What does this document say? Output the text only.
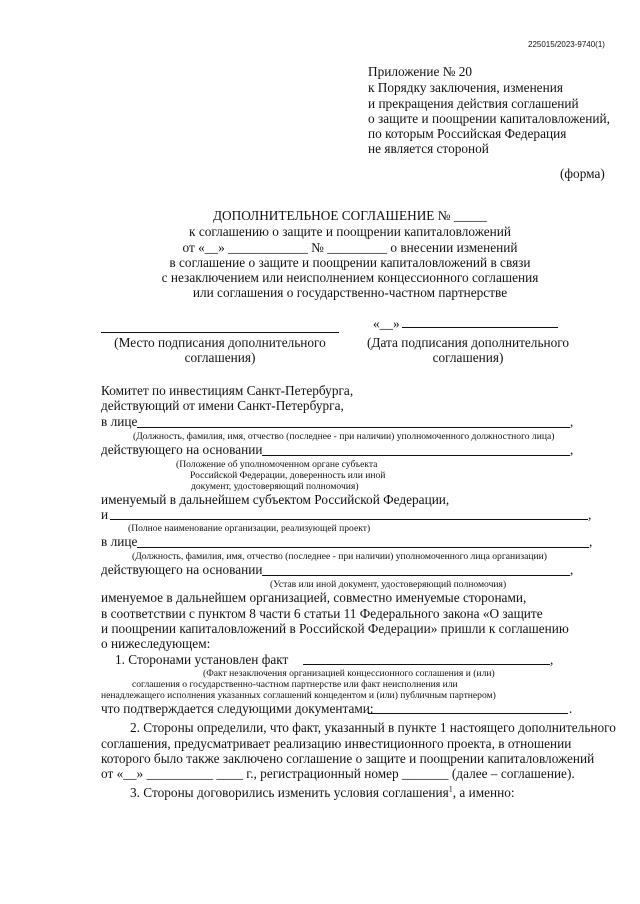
225015/2023-9740(1)
Приложение № 20
к Порядку заключения, изменения
и прекращения действия соглашений
о защите и поощрении капиталовложений,
по которым Российская Федерация
не является стороной
(форма)
ДОПОЛНИТЕЛЬНОЕ СОГЛАШЕНИЕ № _____
к соглашению о защите и поощрении капиталовложений
от «__» ____________ № _________ о внесении изменений
в соглашение о защите и поощрении капиталовложений в связи
с незаключением или неисполнением концессионного соглашения
или соглашения о государственно-частном партнерстве
«__»
(Место подписания дополнительного
соглашения)
(Дата подписания дополнительного
соглашения)
Комитет по инвестициям Санкт-Петербурга,
действующий от имени Санкт-Петербурга,
в лице	,
(Должность, фамилия, имя, отчество (последнее - при наличии) уполномоченного должностного лица)
действующего на основании	,
(Положение об уполномоченном органе субъекта
Российской Федерации, доверенность или иной
документ, удостоверяющий полномочия)
именуемый в дальнейшем субъектом Российской Федерации,
и	,
(Полное наименование организации, реализующей проект)
в лице	,
(Должность, фамилия, имя, отчество (последнее - при наличии) уполномоченного лица организации)
действующего на основании	,
(Устав или иной документ, удостоверяющий полномочия)
именуемое в дальнейшем организацией, совместно именуемые сторонами,
в соответствии с пунктом 8 части 6 статьи 11 Федерального закона «О защите
и поощрении капиталовложений в Российской Федерации» пришли к соглашению
о нижеследующем:
1. Сторонами установлен факт	,
(Факт незаключения организацией концессионного соглашения и (или)
соглашения о государственно-частном партнерстве или факт неисполнения или
ненадлежащего исполнения указанных соглашений концедентом и (или) публичным партнером)
что подтверждается следующими документами:	.
2. Стороны определили, что факт, указанный в пункте 1 настоящего дополнительного
соглашения, предусматривает реализацию инвестиционного проекта, в отношении
которого было также заключено соглашение о защите и поощрении капиталовложений
от «__» __________ ____ г., регистрационный номер _______ (далее – соглашение).
3. Стороны договорились изменить условия соглашения$^1$, а именно:
